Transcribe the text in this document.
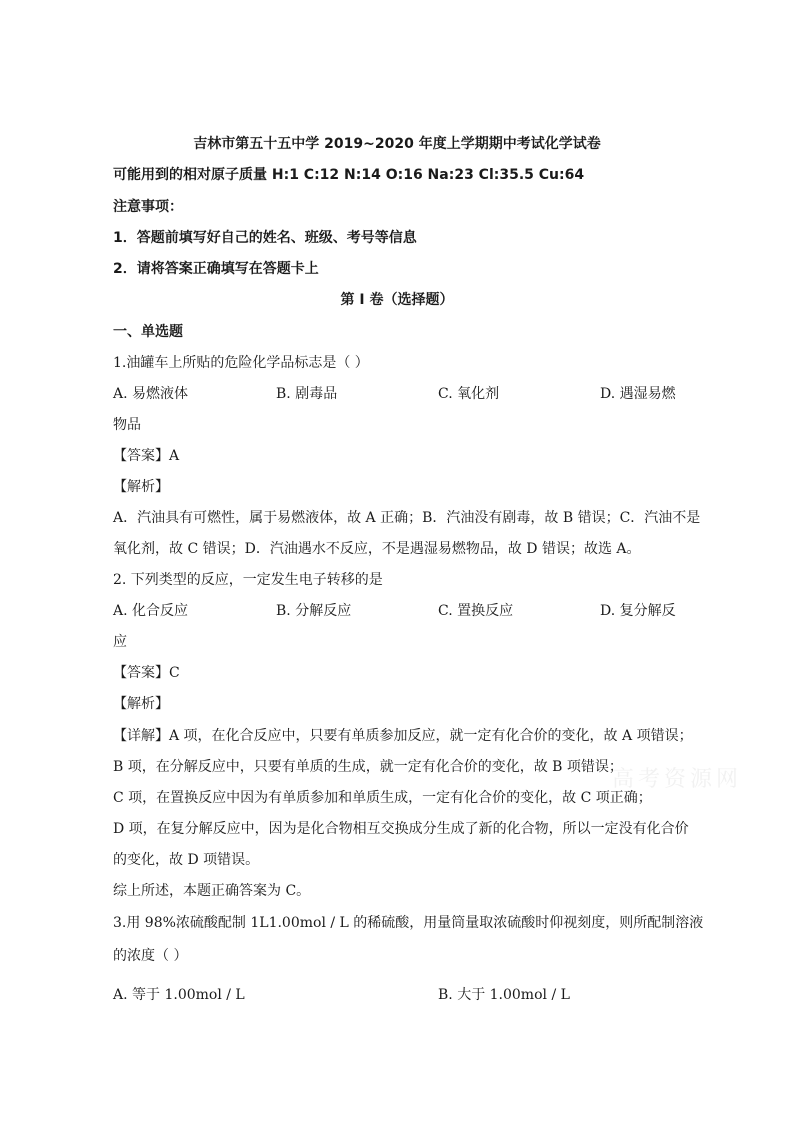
吉林市第五十五中学 2019~2020 年度上学期期中考试化学试卷
可能用到的相对原子质量 H:1 C:12 N:14 O:16 Na:23 Cl:35.5 Cu:64
注意事项：
1．答题前填写好自己的姓名、班级、考号等信息
2．请将答案正确填写在答题卡上
第 I 卷（选择题）
一、单选题
1.油罐车上所贴的危险化学品标志是（ ）
A. 易燃液体	B. 剧毒品	C. 氧化剂	D. 遇湿易燃
物品
【答案】A
【解析】
A．汽油具有可燃性，属于易燃液体，故 A 正确；B．汽油没有剧毒，故 B 错误；C．汽油不是
氧化剂，故 C 错误；D．汽油遇水不反应，不是遇湿易燃物品，故 D 错误；故选 A。
2. 下列类型的反应，一定发生电子转移的是
A. 化合反应	B. 分解反应	C. 置换反应	D. 复分解反
应
【答案】C
【解析】
【详解】A 项，在化合反应中，只要有单质参加反应，就一定有化合价的变化，故 A 项错误；
B 项，在分解反应中，只要有单质的生成，就一定有化合价的变化，故 B 项错误；
C 项，在置换反应中因为有单质参加和单质生成，一定有化合价的变化，故 C 项正确；
D 项，在复分解反应中，因为是化合物相互交换成分生成了新的化合物，所以一定没有化合价
的变化，故 D 项错误。
综上所述，本题正确答案为 C。
3.用 98%浓硫酸配制 1L1.00mol / L 的稀硫酸，用量筒量取浓硫酸时仰视刻度，则所配制溶液
的浓度（ ）
A. 等于 1.00mol / L	B. 大于 1.00mol / L
高考资源网
